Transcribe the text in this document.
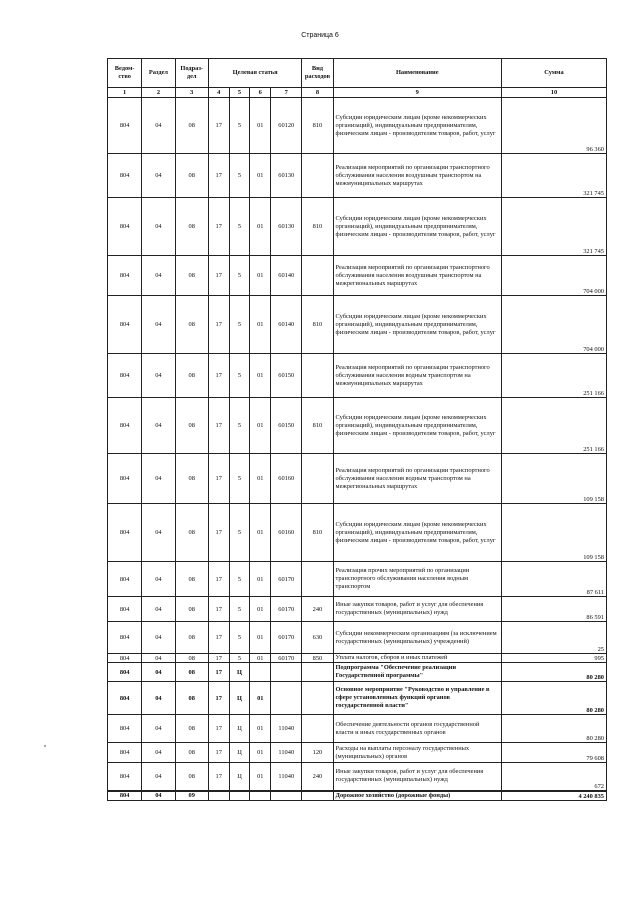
Страница 6
Ведом-ство	Раздел	Подраз-дел	Целевая статья				Вид расходов	Наименование	Сумма
1	2	3	4	5	6	7	8	9	10
804	04	08	17	5	01	60120	810	Субсидии юридическим лицам (кроме некоммерческих организаций), индивидуальным предпринимателям, физическим лицам - производителям товаров, работ, услуг	96 360
804	04	08	17	5	01	60130		Реализация мероприятий по организации транспортного обслуживания населения воздушным транспортом на межмуниципальных маршрутах	321 745
804	04	08	17	5	01	60130	810	Субсидии юридическим лицам (кроме некоммерческих организаций), индивидуальным предпринимателям, физическим лицам - производителям товаров, работ, услуг	321 745
804	04	08	17	5	01	60140		Реализация мероприятий по организации транспортного обслуживания населения воздушным транспортом на межрегиональных маршрутах	704 000
804	04	08	17	5	01	60140	810	Субсидии юридическим лицам (кроме некоммерческих организаций), индивидуальным предпринимателям, физическим лицам - производителям товаров, работ, услуг	704 000
804	04	08	17	5	01	60150		Реализация мероприятий по организации транспортного обслуживания населения водным транспортом на межмуниципальных маршрутах	251 166
804	04	08	17	5	01	60150	810	Субсидии юридическим лицам (кроме некоммерческих организаций), индивидуальным предпринимателям, физическим лицам - производителям товаров, работ, услуг	251 166
804	04	08	17	5	01	60160		Реализация мероприятий по организации транспортного обслуживания населения водным транспортом на межрегиональных маршрутах	109 158
804	04	08	17	5	01	60160	810	Субсидии юридическим лицам (кроме некоммерческих организаций), индивидуальным предпринимателям, физическим лицам - производителям товаров, работ, услуг	109 158
804	04	08	17	5	01	60170		Реализация прочих мероприятий по организации транспортного обслуживания населения водным транспортом	87 611
804	04	08	17	5	01	60170	240	Иные закупки товаров, работ и услуг для обеспечения государственных (муниципальных) нужд	86 591
804	04	08	17	5	01	60170	630	Субсидии некоммерческим организациям (за исключением государственных (муниципальных) учреждений)	25
804	04	08	17	5	01	60170	850	Уплата налогов, сборов и иных платежей	995
804	04	08	17	Ц				Подпрограмма "Обеспечение реализации Государственной программы"	80 280
804	04	08	17	Ц	01			Основное мероприятие "Руководство и управление в сфере установленных функций органов государственной власти"	80 280
804	04	08	17	Ц	01	11040		Обеспечение деятельности органов государственной власти и иных государственных органов	80 280
804	04	08	17	Ц	01	11040	120	Расходы на выплаты персоналу государственных (муниципальных) органов	79 608
804	04	08	17	Ц	01	11040	240	Иные закупки товаров, работ и услуг для обеспечения государственных (муниципальных) нужд	672
804	04	09						Дорожное хозяйство (дорожные фонды)	4 240 835
